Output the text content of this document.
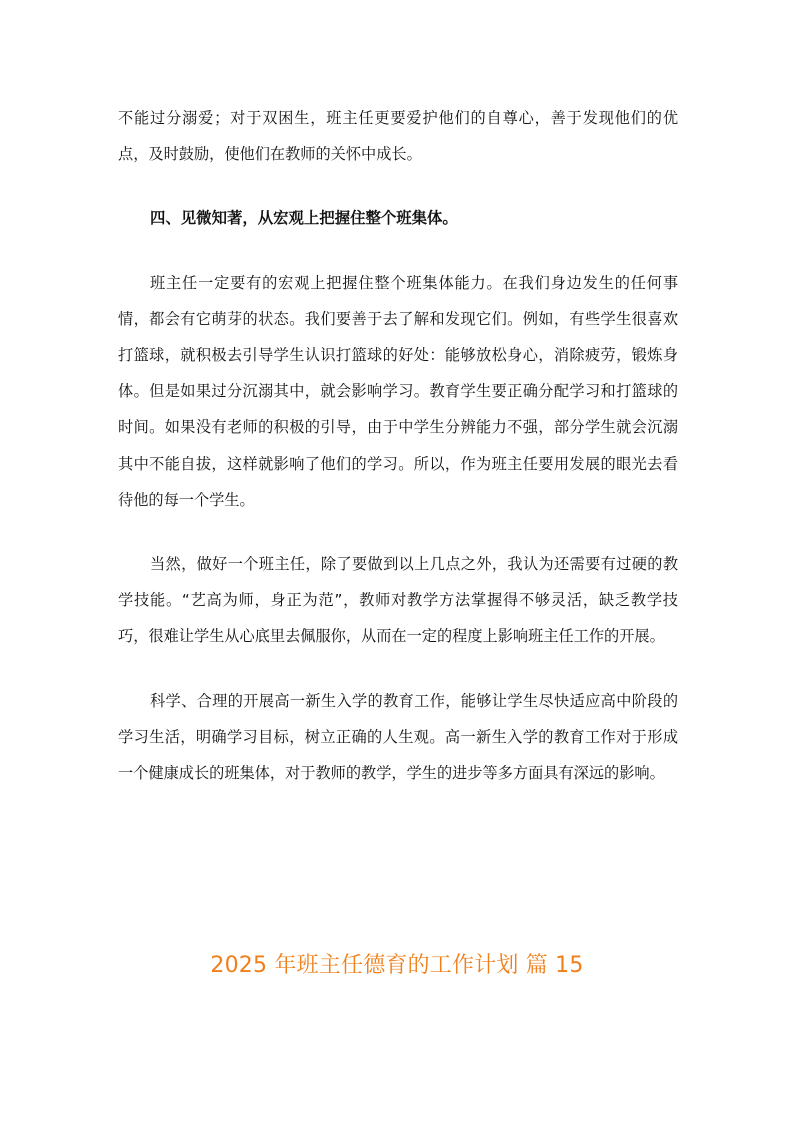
不能过分溺爱；对于双困生，班主任更要爱护他们的自尊心，善于发现他们的优点，及时鼓励，使他们在教师的关怀中成长。

四、见微知著，从宏观上把握住整个班集体。

班主任一定要有的宏观上把握住整个班集体能力。在我们身边发生的任何事情，都会有它萌芽的状态。我们要善于去了解和发现它们。例如，有些学生很喜欢打篮球，就积极去引导学生认识打篮球的好处：能够放松身心，消除疲劳，锻炼身体。但是如果过分沉溺其中，就会影响学习。教育学生要正确分配学习和打篮球的时间。如果没有老师的积极的引导，由于中学生分辨能力不强，部分学生就会沉溺其中不能自拔，这样就影响了他们的学习。所以，作为班主任要用发展的眼光去看待他的每一个学生。

当然，做好一个班主任，除了要做到以上几点之外，我认为还需要有过硬的教学技能。“艺高为师，身正为范”，教师对教学方法掌握得不够灵活，缺乏教学技巧，很难让学生从心底里去佩服你，从而在一定的程度上影响班主任工作的开展。

科学、合理的开展高一新生入学的教育工作，能够让学生尽快适应高中阶段的学习生活，明确学习目标，树立正确的人生观。高一新生入学的教育工作对于形成一个健康成长的班集体，对于教师的教学，学生的进步等多方面具有深远的影响。

2025 年班主任德育的工作计划 篇 15
